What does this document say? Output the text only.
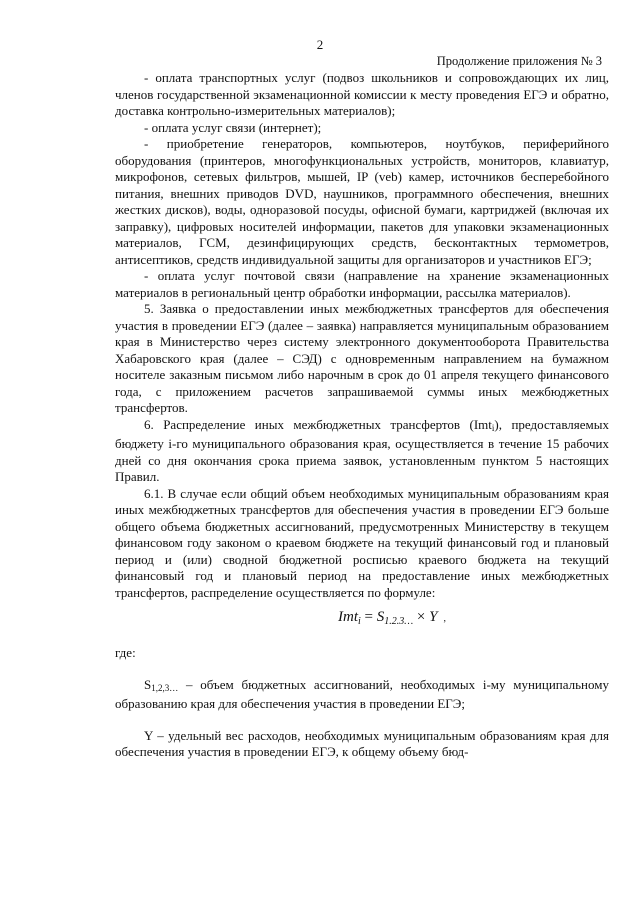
2
Продолжение приложения № 3

- оплата транспортных услуг (подвоз школьников и сопровождающих их лиц, членов государственной экзаменационной комиссии к месту проведения ЕГЭ и обратно, доставка контрольно-измерительных материалов);

- оплата услуг связи (интернет);

- приобретение генераторов, компьютеров, ноутбуков, периферийного оборудования (принтеров, многофункциональных устройств, мониторов, клавиатур, микрофонов, сетевых фильтров, мышей, IP (veb) камер, источников бесперебойного питания, внешних приводов DVD, наушников, программного обеспечения, внешних жестких дисков), воды, одноразовой посуды, офисной бумаги, картриджей (включая их заправку), цифровых носителей информации, пакетов для упаковки экзаменационных материалов, ГСМ, дезинфицирующих средств, бесконтактных термометров, антисептиков, средств индивидуальной защиты для организаторов и участников ЕГЭ;

- оплата услуг почтовой связи (направление на хранение экзаменационных материалов в региональный центр обработки информации, рассылка материалов).

5. Заявка о предоставлении иных межбюджетных трансфертов для обеспечения участия в проведении ЕГЭ (далее – заявка) направляется муниципальным образованием края в Министерство через систему электронного документооборота Правительства Хабаровского края (далее – СЭД) с одновременным направлением на бумажном носителе заказным письмом либо нарочным в срок до 01 апреля текущего финансового года, с приложением расчетов запрашиваемой суммы иных межбюджетных трансфертов.

6. Распределение иных межбюджетных трансфертов (Imt$_i$), предоставляемых бюджету i-го муниципального образования края, осуществляется в течение 15 рабочих дней со дня окончания срока приема заявок, установленным пунктом 5 настоящих Правил.

6.1. В случае если общий объем необходимых муниципальным образованиям края иных межбюджетных трансфертов для обеспечения участия в проведении ЕГЭ больше общего объема бюджетных ассигнований, предусмотренных Министерству в текущем финансовом году законом о краевом бюджете на текущий финансовый год и плановый период и (или) сводной бюджетной росписью краевого бюджета на текущий финансовый год и плановый период на предоставление иных межбюджетных трансфертов, распределение осуществляется по формуле:

$Imt_i = S_{1.2.3\dots} \times Y$ ,

где:

$S_{1,2,3\dots}$ – объем бюджетных ассигнований, необходимых i-му муниципальному образованию края для обеспечения участия в проведении ЕГЭ;

Y – удельный вес расходов, необходимых муниципальным образованиям края для обеспечения участия в проведении ЕГЭ, к общему объему бюд-
